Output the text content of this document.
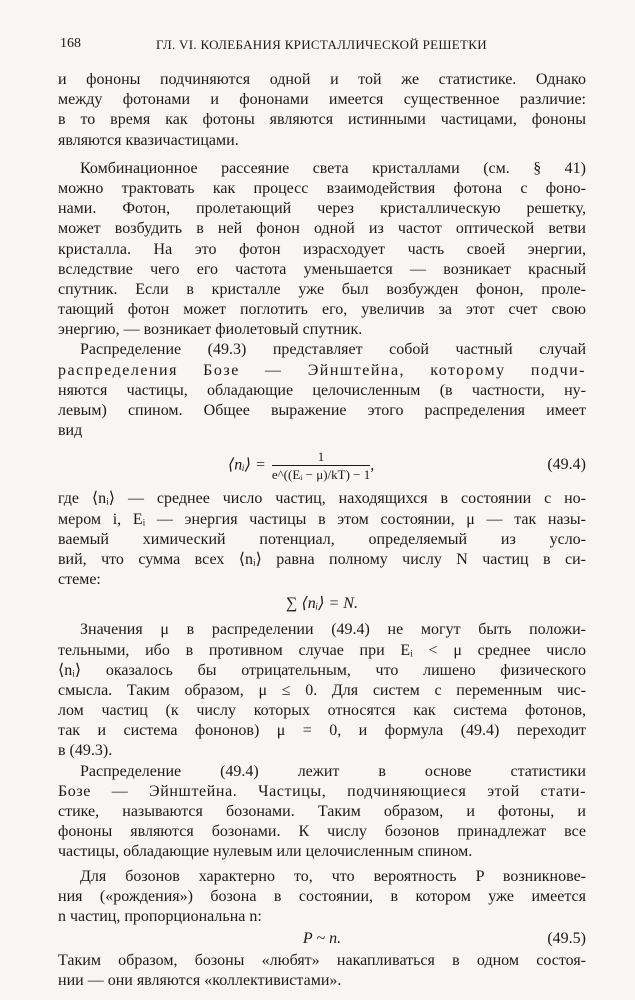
168	ГЛ. VI. КОЛЕБАНИЯ КРИСТАЛЛИЧЕСКОЙ РЕШЕТКИ
и фононы подчиняются одной и той же статистике. Однако
между фотонами и фононами имеется существенное различие:
в то время как фотоны являются истинными частицами, фононы
являются квазичастицами.
Комбинационное рассеяние света кристаллами (см. § 41)
можно трактовать как процесс взаимодействия фотона с фоно-
нами. Фотон, пролетающий через кристаллическую решетку,
может возбудить в ней фонон одной из частот оптической ветви
кристалла. На это фотон израсходует часть своей энергии,
вследствие чего его частота уменьшается — возникает красный
спутник. Если в кристалле уже был возбужден фонон, проле-
тающий фотон может поглотить его, увеличив за этот счет свою
энергию, — возникает фиолетовый спутник.
Распределение (49.3) представляет собой частный случай
распределения Бозе — Эйнштейна, которому подчи-
няются частицы, обладающие целочисленным (в частности, ну-
левым) спином. Общее выражение этого распределения имеет
вид
⟨nᵢ⟩ = $\frac{1}{\text{e\textasciicircum{}((Eᵢ − μ)/kT) − 1}}$ ,	(49.4)
где ⟨nᵢ⟩ — среднее число частиц, находящихся в состоянии с но-
мером i, Eᵢ — энергия частицы в этом состоянии, μ — так назы-
ваемый химический потенциал, определяемый из усло-
вий, что сумма всех ⟨nᵢ⟩ равна полному числу N частиц в си-
стеме:
∑ ⟨nᵢ⟩ = N.
Значения μ в распределении (49.4) не могут быть положи-
тельными, ибо в противном случае при Eᵢ < μ среднее число
⟨nᵢ⟩ оказалось бы отрицательным, что лишено физического
смысла. Таким образом, μ ≤ 0. Для систем с переменным чис-
лом частиц (к числу которых относятся как система фотонов,
так и система фононов) μ = 0, и формула (49.4) переходит
в (49.3).
Распределение (49.4) лежит в основе статистики
Бозе — Эйнштейна. Частицы, подчиняющиеся этой стати-
стике, называются бозонами. Таким образом, и фотоны, и
фононы являются бозонами. К числу бозонов принадлежат все
частицы, обладающие нулевым или целочисленным спином.
Для бозонов характерно то, что вероятность P возникнове-
ния («рождения») бозона в состоянии, в котором уже имеется
n частиц, пропорциональна n:
P ~ n.	(49.5)
Таким образом, бозоны «любят» накапливаться в одном состоя-
нии — они являются «коллективистами».
